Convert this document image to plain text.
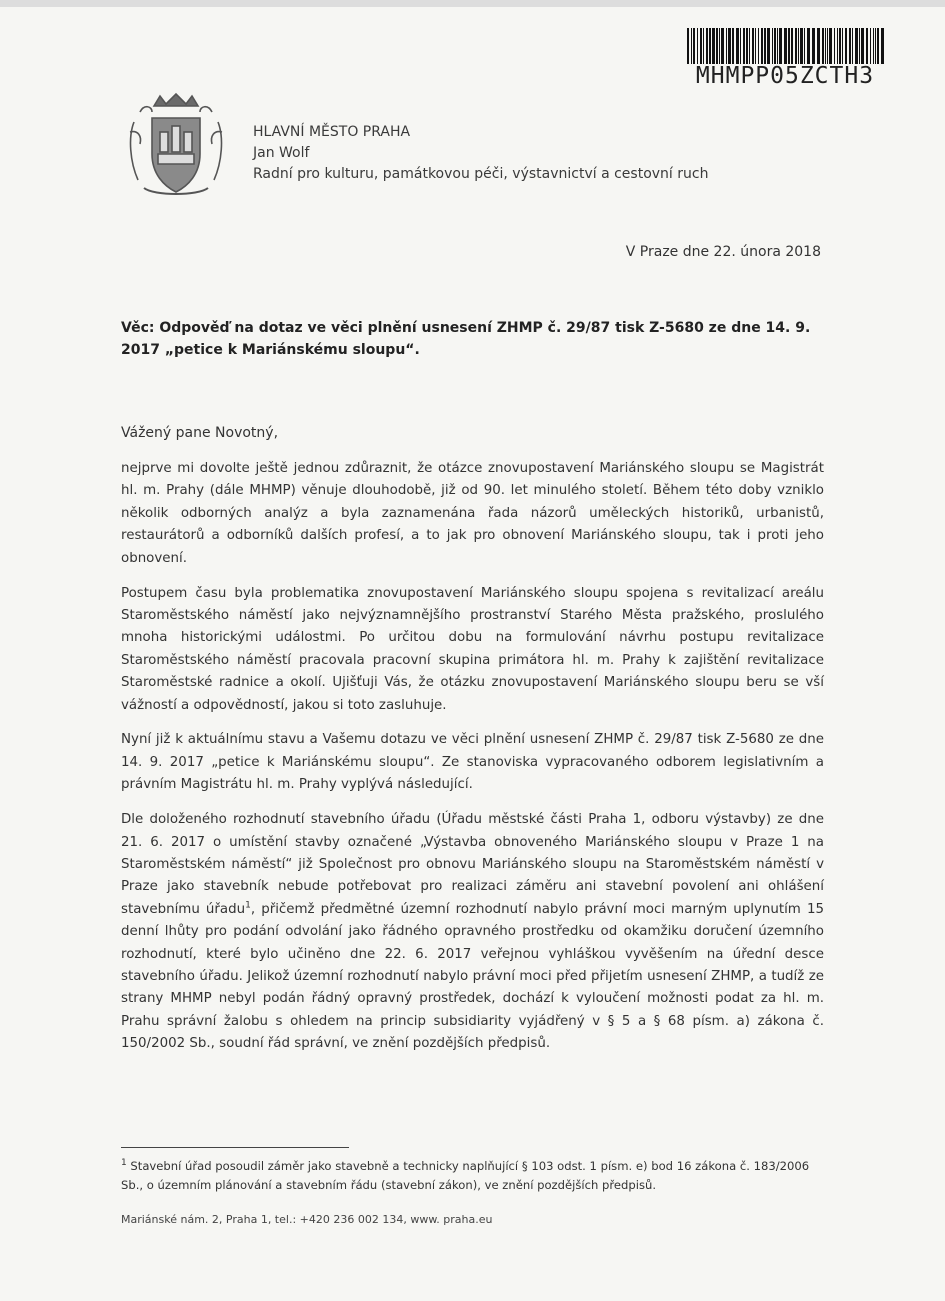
MHMPP05ZCTH3
HLAVNÍ MĚSTO PRAHA
Jan Wolf
Radní pro kulturu, památkovou péči, výstavnictví a cestovní ruch
V Praze dne 22. února 2018
Věc: Odpověď na dotaz ve věci plnění usnesení ZHMP č. 29/87 tisk Z-5680 ze dne 14. 9. 2017 „petice k Mariánskému sloupu“.
Vážený pane Novotný,

nejprve mi dovolte ještě jednou zdůraznit, že otázce znovupostavení Mariánského sloupu se Magistrát hl. m. Prahy (dále MHMP) věnuje dlouhodobě, již od 90. let minulého století. Během této doby vzniklo několik odborných analýz a byla zaznamenána řada názorů uměleckých historiků, urbanistů, restaurátorů a odborníků dalších profesí, a to jak pro obnovení Mariánského sloupu, tak i proti jeho obnovení.

Postupem času byla problematika znovupostavení Mariánského sloupu spojena s revitalizací areálu Staroměstského náměstí jako nejvýznamnějšího prostranství Starého Města pražského, proslulého mnoha historickými událostmi. Po určitou dobu na formulování návrhu postupu revitalizace Staroměstského náměstí pracovala pracovní skupina primátora hl. m. Prahy k zajištění revitalizace Staroměstské radnice a okolí. Ujišťuji Vás, že otázku znovupostavení Mariánského sloupu beru se vší vážností a odpovědností, jakou si toto zasluhuje.

Nyní již k aktuálnímu stavu a Vašemu dotazu ve věci plnění usnesení ZHMP č. 29/87 tisk Z-5680 ze dne 14. 9. 2017 „petice k Mariánskému sloupu“. Ze stanoviska vypracovaného odborem legislativním a právním Magistrátu hl. m. Prahy vyplývá následující.

Dle doloženého rozhodnutí stavebního úřadu (Úřadu městské části Praha 1, odboru výstavby) ze dne 21. 6. 2017 o umístění stavby označené „Výstavba obnoveného Mariánského sloupu v Praze 1 na Staroměstském náměstí“ již Společnost pro obnovu Mariánského sloupu na Staroměstském náměstí v Praze jako stavebník nebude potřebovat pro realizaci záměru ani stavební povolení ani ohlášení stavebnímu úřadu$^1$, přičemž předmětné územní rozhodnutí nabylo právní moci marným uplynutím 15 denní lhůty pro podání odvolání jako řádného opravného prostředku od okamžiku doručení územního rozhodnutí, které bylo učiněno dne 22. 6. 2017 veřejnou vyhláškou vyvěšením na úřední desce stavebního úřadu. Jelikož územní rozhodnutí nabylo právní moci před přijetím usnesení ZHMP, a tudíž ze strany MHMP nebyl podán řádný opravný prostředek, dochází k vyloučení možnosti podat za hl. m. Prahu správní žalobu s ohledem na princip subsidiarity vyjádřený v § 5 a § 68 písm. a) zákona č. 150/2002 Sb., soudní řád správní, ve znění pozdějších předpisů.

$^1$ Stavební úřad posoudil záměr jako stavebně a technicky naplňující § 103 odst. 1 písm. e) bod 16 zákona č. 183/2006 Sb., o územním plánování a stavebním řádu (stavební zákon), ve znění pozdějších předpisů.
Mariánské nám. 2, Praha 1, tel.: +420 236 002 134, www. praha.eu
